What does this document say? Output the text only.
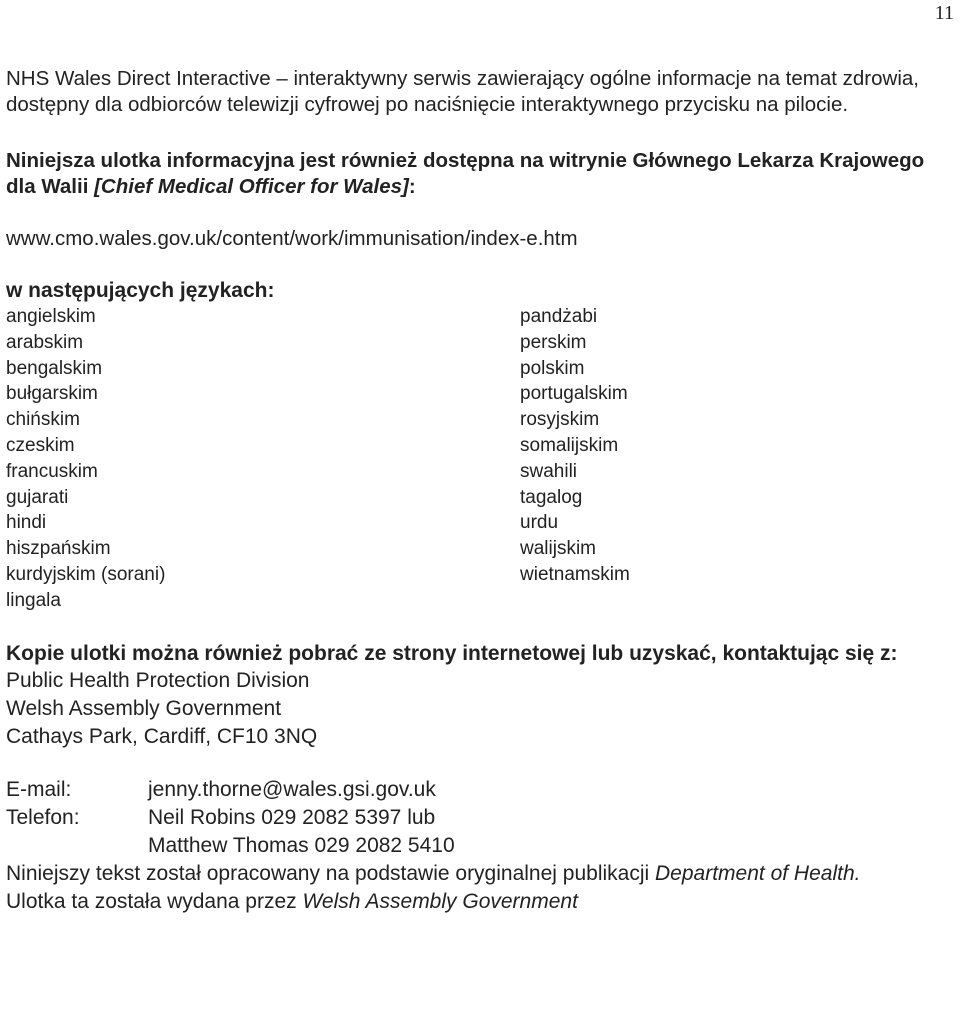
11

NHS Wales Direct Interactive – interaktywny serwis zawierający ogólne informacje na temat zdrowia, dostępny dla odbiorców telewizji cyfrowej po naciśnięcie interaktywnego przycisku na pilocie.

Niniejsza ulotka informacyjna jest również dostępna na witrynie Głównego Lekarza Krajowego dla Walii [Chief Medical Officer for Wales]:

www.cmo.wales.gov.uk/content/work/immunisation/index-e.htm

w następujących językach:

angielskim
arabskim
bengalskim
bułgarskim
chińskim
czeskim
francuskim
gujarati
hindi
hiszpańskim
kurdyjskim (sorani)
lingala
pandżabi
perskim
polskim
portugalskim
rosyjskim
somalijskim
swahili
tagalog
urdu
walijskim
wietnamskim

Kopie ulotki można również pobrać ze strony internetowej lub uzyskać, kontaktując się z:

Public Health Protection Division
Welsh Assembly Government
Cathays Park, Cardiff, CF10 3NQ
E-mail:	jenny.thorne@wales.gsi.gov.uk
Telefon:	Neil Robins 029 2082 5397 lub
Matthew Thomas 029 2082 5410

Niniejszy tekst został opracowany na podstawie oryginalnej publikacji Department of Health.

Ulotka ta została wydana przez Welsh Assembly Government
